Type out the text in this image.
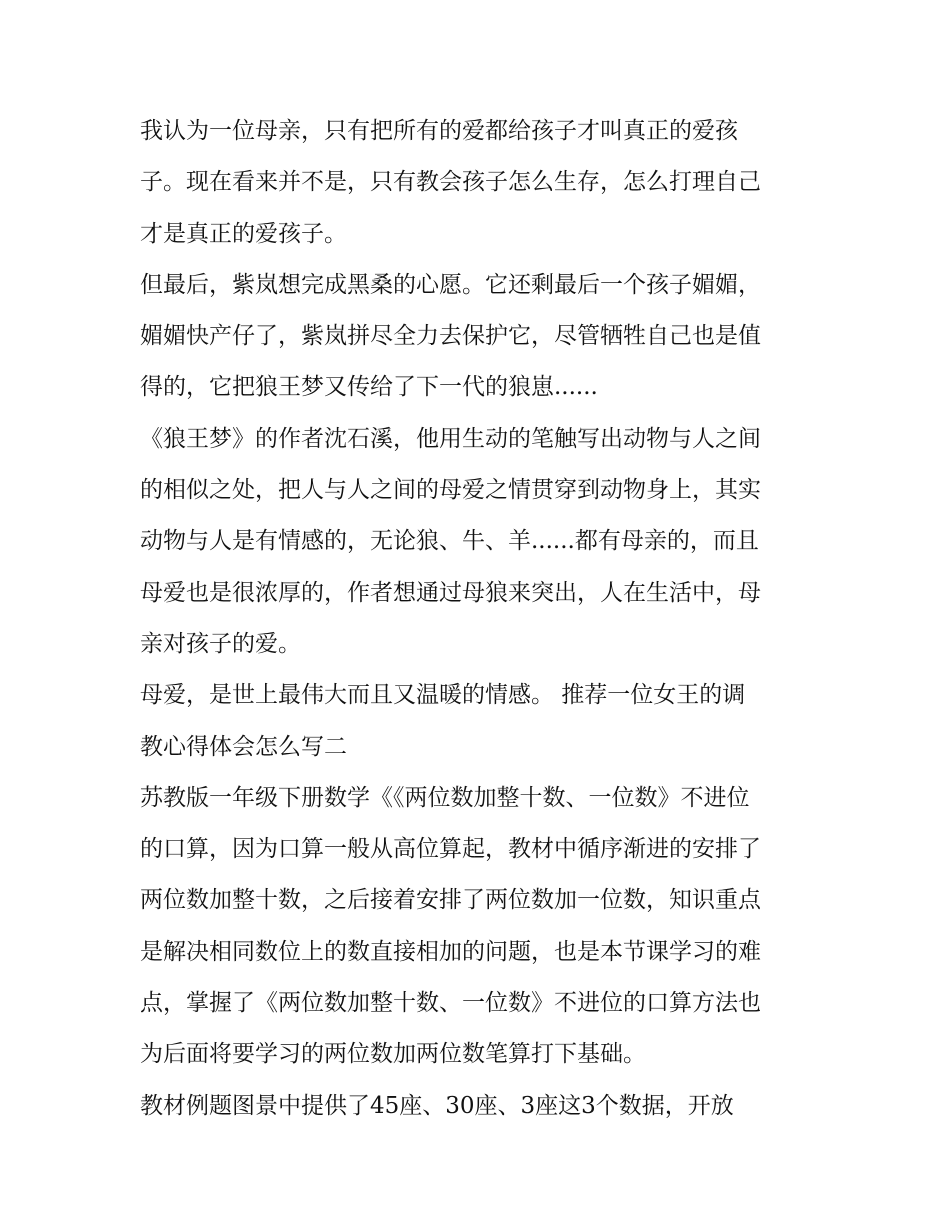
我认为一位母亲，只有把所有的爱都给孩子才叫真正的爱孩
子。现在看来并不是，只有教会孩子怎么生存，怎么打理自己
才是真正的爱孩子。
但最后，紫岚想完成黑桑的心愿。它还剩最后一个孩子媚媚，
媚媚快产仔了，紫岚拼尽全力去保护它，尽管牺牲自己也是值
得的，它把狼王梦又传给了下一代的狼崽......
《狼王梦》的作者沈石溪，他用生动的笔触写出动物与人之间
的相似之处，把人与人之间的母爱之情贯穿到动物身上，其实
动物与人是有情感的，无论狼、牛、羊......都有母亲的，而且
母爱也是很浓厚的，作者想通过母狼来突出，人在生活中，母
亲对孩子的爱。
母爱，是世上最伟大而且又温暖的情感。 推荐一位女王的调
教心得体会怎么写二
苏教版一年级下册数学《《两位数加整十数、一位数》不进位
的口算，因为口算一般从高位算起，教材中循序渐进的安排了
两位数加整十数，之后接着安排了两位数加一位数，知识重点
是解决相同数位上的数直接相加的问题，也是本节课学习的难
点，掌握了《两位数加整十数、一位数》不进位的口算方法也
为后面将要学习的两位数加两位数笔算打下基础。
教材例题图景中提供了45座、30座、3座这3个数据，开放
